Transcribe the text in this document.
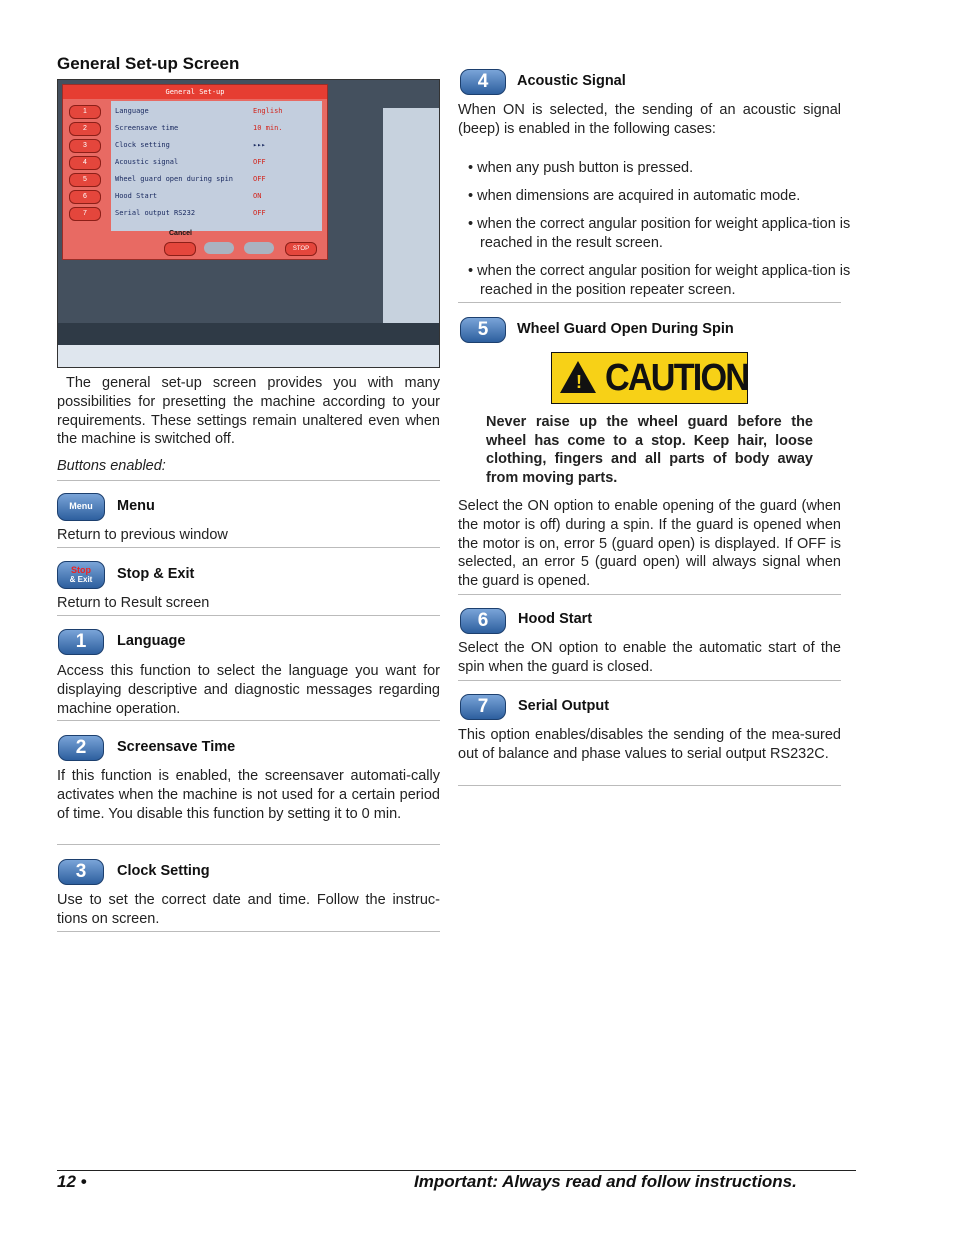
General Set-up Screen
General Set-up
1	Language	English
2	Screensave time	10 min.
3	Clock setting	▸▸▸
4	Acoustic signal	OFF
5	Wheel guard open during spin	OFF
6	Hood Start	ON
7	Serial output RS232	OFF
Cancel
STOP
The general set-up screen provides you with many possibilities for presetting the machine according to your requirements. These settings remain unaltered even when the machine is switched off.
Buttons enabled:
Menu	Menu
Return to previous window
Stop
& Exit	Stop & Exit
Return to Result screen
1	Language
Access this function to select the language you want for displaying descriptive and diagnostic messages regarding machine operation.
2	Screensave Time
If this function is enabled, the screensaver automati-cally activates when the machine is not used for a certain period of time. You disable this function by setting it to 0 min.
3	Clock Setting
Use to set the correct date and time. Follow the instruc-tions on screen.
4	Acoustic Signal
When ON is selected, the sending of an acoustic signal (beep) is enabled in the following cases:
• when any push button is pressed.
• when dimensions are acquired in automatic mode.
• when the correct angular position for weight applica-tion is reached in the result screen.
• when the correct angular position for weight applica-tion is reached in the position repeater screen.
5	Wheel Guard Open During Spin
! CAUTION
Never raise up the wheel guard before the wheel has come to a stop. Keep hair, loose clothing, fingers and all parts of body away from moving parts.
Select the ON option to enable opening of the guard (when the motor is off) during a spin. If the guard is opened when the motor is on, error 5 (guard open) is displayed. If OFF is selected, an error 5 (guard open) will always signal when the guard is opened.
6	Hood Start
Select the ON option to enable the automatic start of the spin when the guard is closed.
7	Serial Output
This option enables/disables the sending of the mea-sured out of balance and phase values to serial output RS232C.
12 •	Important: Always read and follow instructions.
